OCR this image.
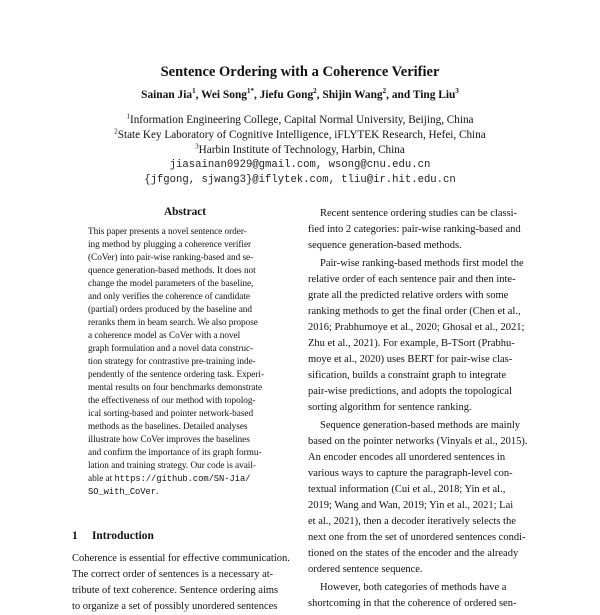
Sentence Ordering with a Coherence Verifier
Sainan Jia$^1$, Wei Song$^{1*}$, Jiefu Gong$^2$, Shijin Wang$^2$, and Ting Liu$^3$
$^1$Information Engineering College, Capital Normal University, Beijing, China
$^2$State Key Laboratory of Cognitive Intelligence, iFLYTEK Research, Hefei, China
$^3$Harbin Institute of Technology, Harbin, China
jiasainan0929@gmail.com, wsong@cnu.edu.cn
{jfgong, sjwang3}@iflytek.com, tliu@ir.hit.edu.cn
Abstract
This paper presents a novel sentence order-
ing method by plugging a coherence verifier
(CoVer) into pair-wise ranking-based and se-
quence generation-based methods. It does not
change the model parameters of the baseline,
and only verifies the coherence of candidate
(partial) orders produced by the baseline and
reranks them in beam search. We also propose
a coherence model as CoVer with a novel
graph formulation and a novel data construc-
tion strategy for contrastive pre-training inde-
pendently of the sentence ordering task. Experi-
mental results on four benchmarks demonstrate
the effectiveness of our method with topolog-
ical sorting-based and pointer network-based
methods as the baselines. Detailed analyses
illustrate how CoVer improves the baselines
and confirm the importance of its graph formu-
lation and training strategy. Our code is avail-
able at https://github.com/SN-Jia/
SO_with_CoVer.
1 Introduction
Coherence is essential for effective communication.
The correct order of sentences is a necessary at-
tribute of text coherence. Sentence ordering aims
to organize a set of possibly unordered sentences
Recent sentence ordering studies can be classi-
fied into 2 categories: pair-wise ranking-based and
sequence generation-based methods.
Pair-wise ranking-based methods first model the
relative order of each sentence pair and then inte-
grate all the predicted relative orders with some
ranking methods to get the final order (Chen et al.,
2016; Prabhumoye et al., 2020; Ghosal et al., 2021;
Zhu et al., 2021). For example, B-TSort (Prabhu-
moye et al., 2020) uses BERT for pair-wise clas-
sification, builds a constraint graph to integrate
pair-wise predictions, and adopts the topological
sorting algorithm for sentence ranking.
Sequence generation-based methods are mainly
based on the pointer networks (Vinyals et al., 2015).
An encoder encodes all unordered sentences in
various ways to capture the paragraph-level con-
textual information (Cui et al., 2018; Yin et al.,
2019; Wang and Wan, 2019; Yin et al., 2021; Lai
et al., 2021), then a decoder iteratively selects the
next one from the set of unordered sentences condi-
tioned on the states of the encoder and the already
ordered sentence sequence.
However, both categories of methods have a
shortcoming in that the coherence of ordered sen-
